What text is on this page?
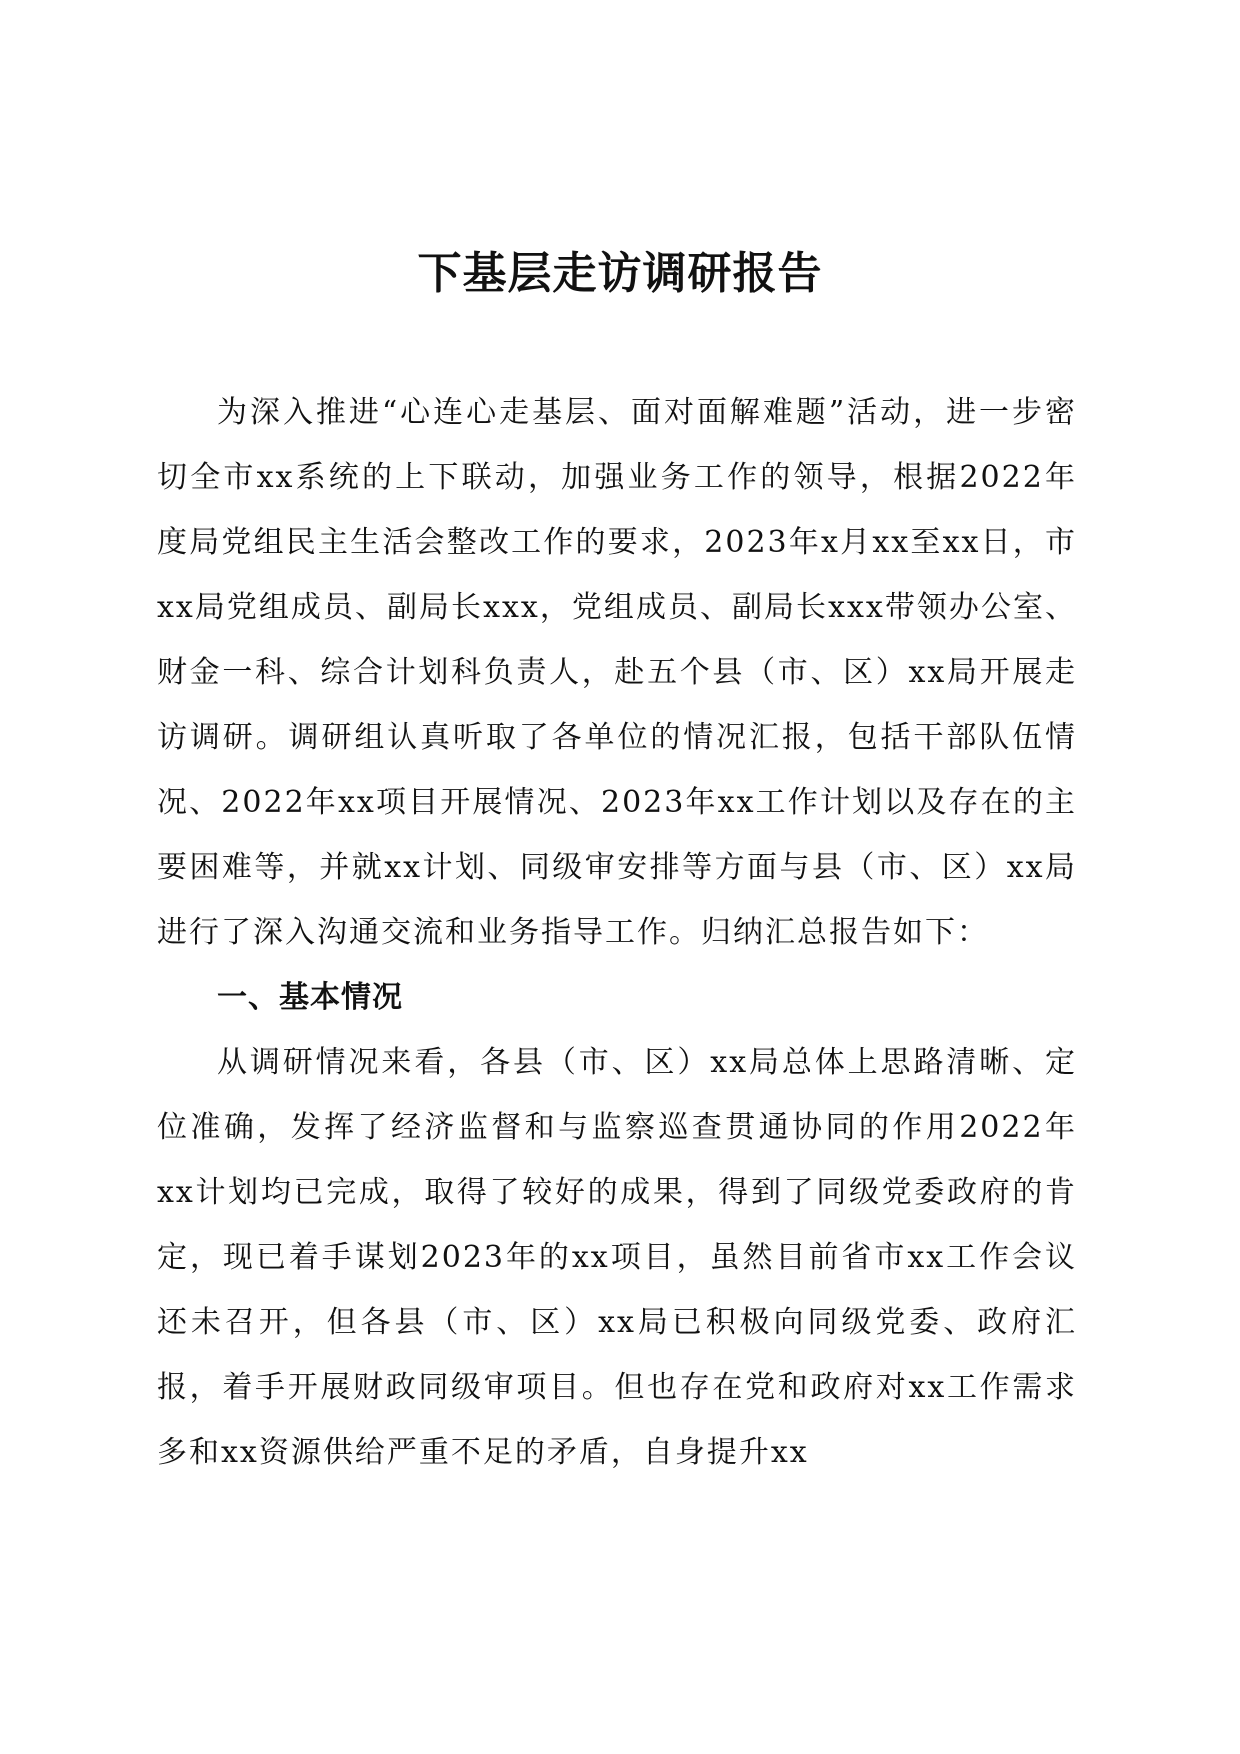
下基层走访调研报告

为深入推进“心连心走基层、面对面解难题”活动，进一步密切全市xx系统的上下联动，加强业务工作的领导，根据2022年度局党组民主生活会整改工作的要求，2023年x月xx至xx日，市xx局党组成员、副局长xxx，党组成员、副局长xxx带领办公室、财金一科、综合计划科负责人，赴五个县（市、区）xx局开展走访调研。调研组认真听取了各单位的情况汇报，包括干部队伍情况、2022年xx项目开展情况、2023年xx工作计划以及存在的主要困难等，并就xx计划、同级审安排等方面与县（市、区）xx局进行了深入沟通交流和业务指导工作。归纳汇总报告如下：

一、基本情况

从调研情况来看，各县（市、区）xx局总体上思路清晰、定位准确，发挥了经济监督和与监察巡查贯通协同的作用2022年xx计划均已完成，取得了较好的成果，得到了同级党委政府的肯定，现已着手谋划2023年的xx项目，虽然目前省市xx工作会议还未召开，但各县（市、区）xx局已积极向同级党委、政府汇报，着手开展财政同级审项目。但也存在党和政府对xx工作需求多和xx资源供给严重不足的矛盾，自身提升xx
